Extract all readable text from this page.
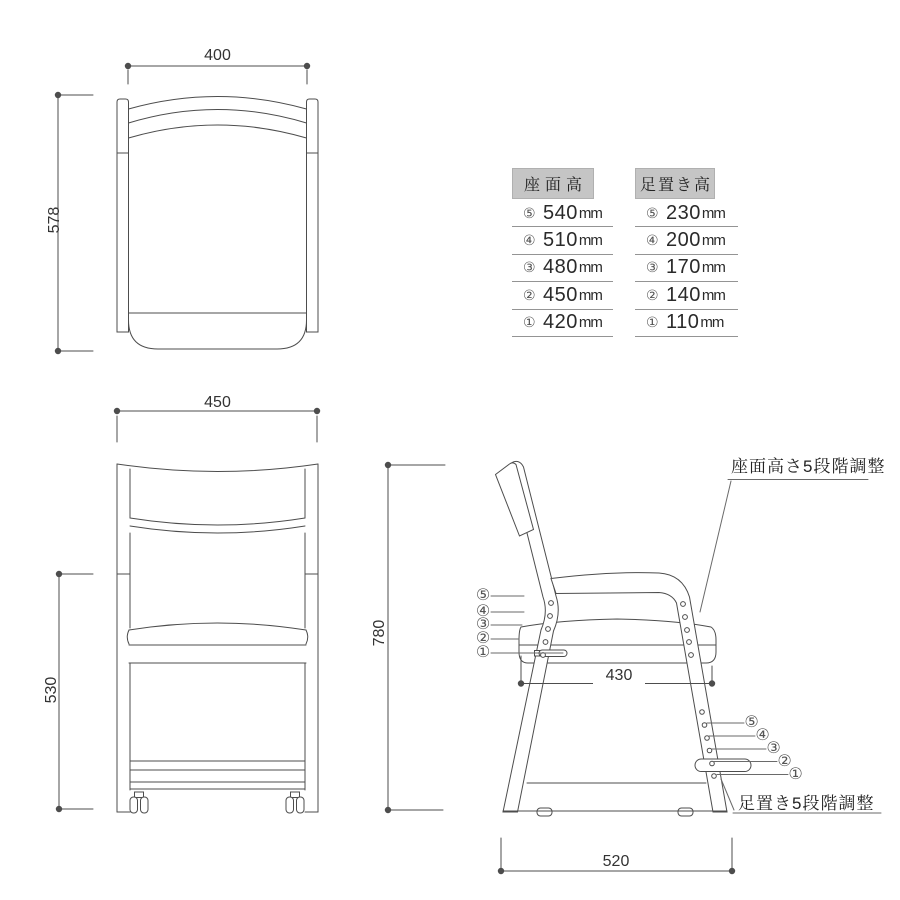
400
578
450
530
780
430
520
座面高さ5段階調整
足置き5段階調整
⑤
④
③
②
①
⑤
④
③
②
①
座面高
⑤ 540 mm
④ 510 mm
③ 480 mm
② 450 mm
① 420 mm
足置き高
⑤ 230 mm
④ 200 mm
③ 170 mm
② 140 mm
① 110 mm
